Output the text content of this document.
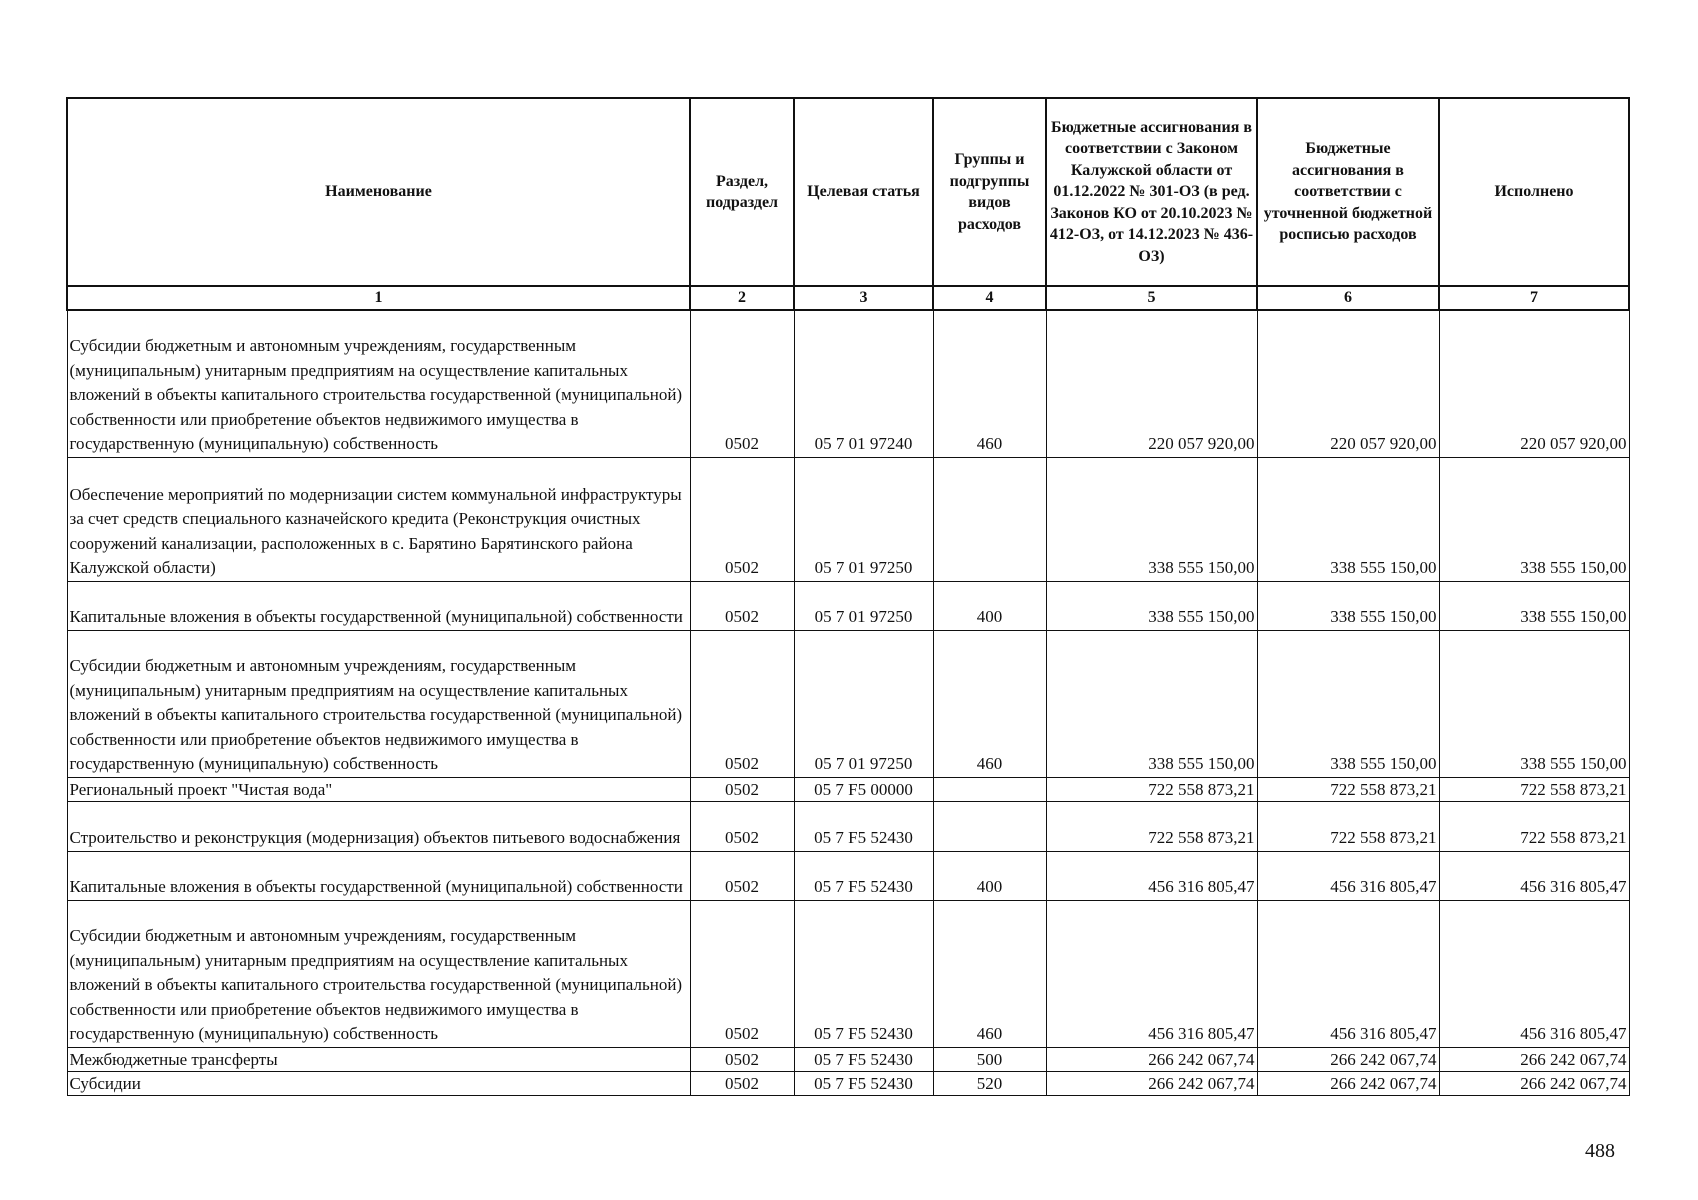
Наименование	Раздел, подраздел	Целевая статья	Группы и подгруппы видов расходов	Бюджетные ассигнования в соответствии с Законом Калужской области от 01.12.2022 № 301-ОЗ (в ред. Законов КО от 20.10.2023 № 412-ОЗ, от 14.12.2023 № 436-ОЗ)	Бюджетные ассигнования в соответствии с уточненной бюджетной росписью расходов	Исполнено
1	2	3	4	5	6	7
Субсидии бюджетным и автономным учреждениям, государственным (муниципальным) унитарным предприятиям на осуществление капитальных вложений в объекты капитального строительства государственной (муниципальной) собственности или приобретение объектов недвижимого имущества в государственную (муниципальную) собственность	0502	05 7 01 97240	460	220 057 920,00	220 057 920,00	220 057 920,00
Обеспечение мероприятий по модернизации систем коммунальной инфраструктуры за счет средств специального казначейского кредита (Реконструкция очистных сооружений канализации, расположенных в с. Барятино Барятинского района Калужской области)	0502	05 7 01 97250		338 555 150,00	338 555 150,00	338 555 150,00
Капитальные вложения в объекты государственной (муниципальной) собственности	0502	05 7 01 97250	400	338 555 150,00	338 555 150,00	338 555 150,00
Субсидии бюджетным и автономным учреждениям, государственным (муниципальным) унитарным предприятиям на осуществление капитальных вложений в объекты капитального строительства государственной (муниципальной) собственности или приобретение объектов недвижимого имущества в государственную (муниципальную) собственность	0502	05 7 01 97250	460	338 555 150,00	338 555 150,00	338 555 150,00
Региональный проект "Чистая вода"	0502	05 7 F5 00000		722 558 873,21	722 558 873,21	722 558 873,21
Строительство и реконструкция (модернизация) объектов питьевого водоснабжения	0502	05 7 F5 52430		722 558 873,21	722 558 873,21	722 558 873,21
Капитальные вложения в объекты государственной (муниципальной) собственности	0502	05 7 F5 52430	400	456 316 805,47	456 316 805,47	456 316 805,47
Субсидии бюджетным и автономным учреждениям, государственным (муниципальным) унитарным предприятиям на осуществление капитальных вложений в объекты капитального строительства государственной (муниципальной) собственности или приобретение объектов недвижимого имущества в государственную (муниципальную) собственность	0502	05 7 F5 52430	460	456 316 805,47	456 316 805,47	456 316 805,47
Межбюджетные трансферты	0502	05 7 F5 52430	500	266 242 067,74	266 242 067,74	266 242 067,74
Субсидии	0502	05 7 F5 52430	520	266 242 067,74	266 242 067,74	266 242 067,74
488
